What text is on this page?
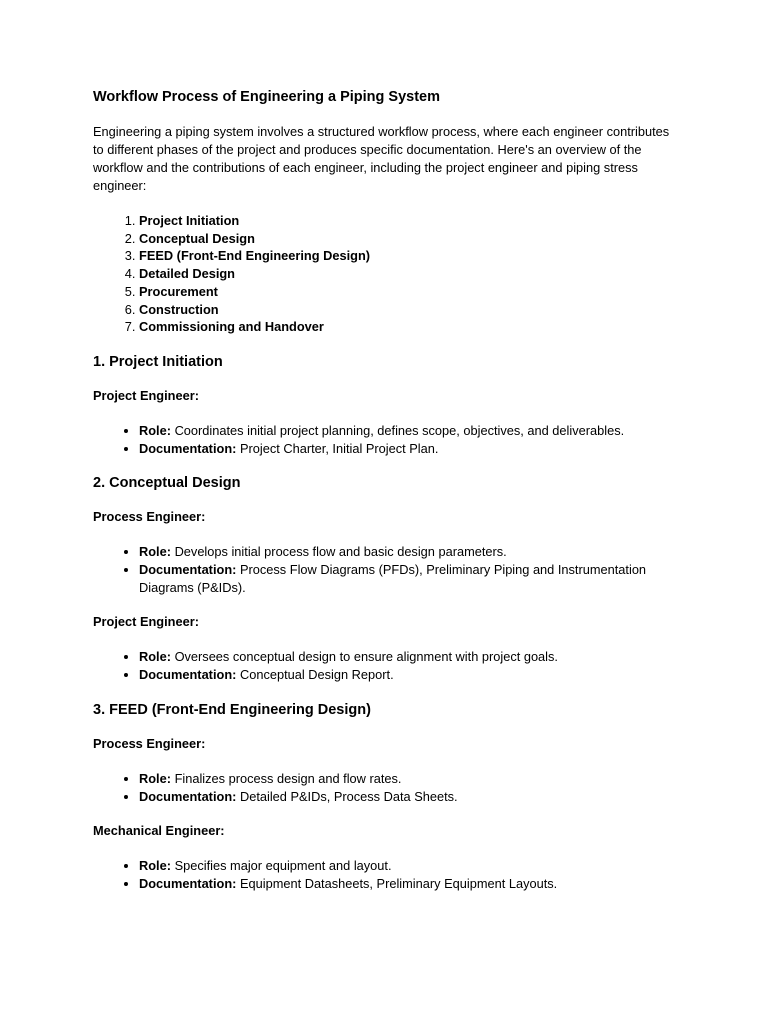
Workflow Process of Engineering a Piping System

Engineering a piping system involves a structured workflow process, where each engineer contributes to different phases of the project and produces specific documentation. Here's an overview of the workflow and the contributions of each engineer, including the project engineer and piping stress engineer:

1. Project Initiation
2. Conceptual Design
3. FEED (Front-End Engineering Design)
4. Detailed Design
5. Procurement
6. Construction
7. Commissioning and Handover
1. Project Initiation
Project Engineer:
• Role: Coordinates initial project planning, defines scope, objectives, and deliverables.
• Documentation: Project Charter, Initial Project Plan.
2. Conceptual Design
Process Engineer:
• Role: Develops initial process flow and basic design parameters.
• Documentation: Process Flow Diagrams (PFDs), Preliminary Piping and Instrumentation Diagrams (P&IDs).
Project Engineer:
• Role: Oversees conceptual design to ensure alignment with project goals.
• Documentation: Conceptual Design Report.
3. FEED (Front-End Engineering Design)
Process Engineer:
• Role: Finalizes process design and flow rates.
• Documentation: Detailed P&IDs, Process Data Sheets.
Mechanical Engineer:
• Role: Specifies major equipment and layout.
• Documentation: Equipment Datasheets, Preliminary Equipment Layouts.
